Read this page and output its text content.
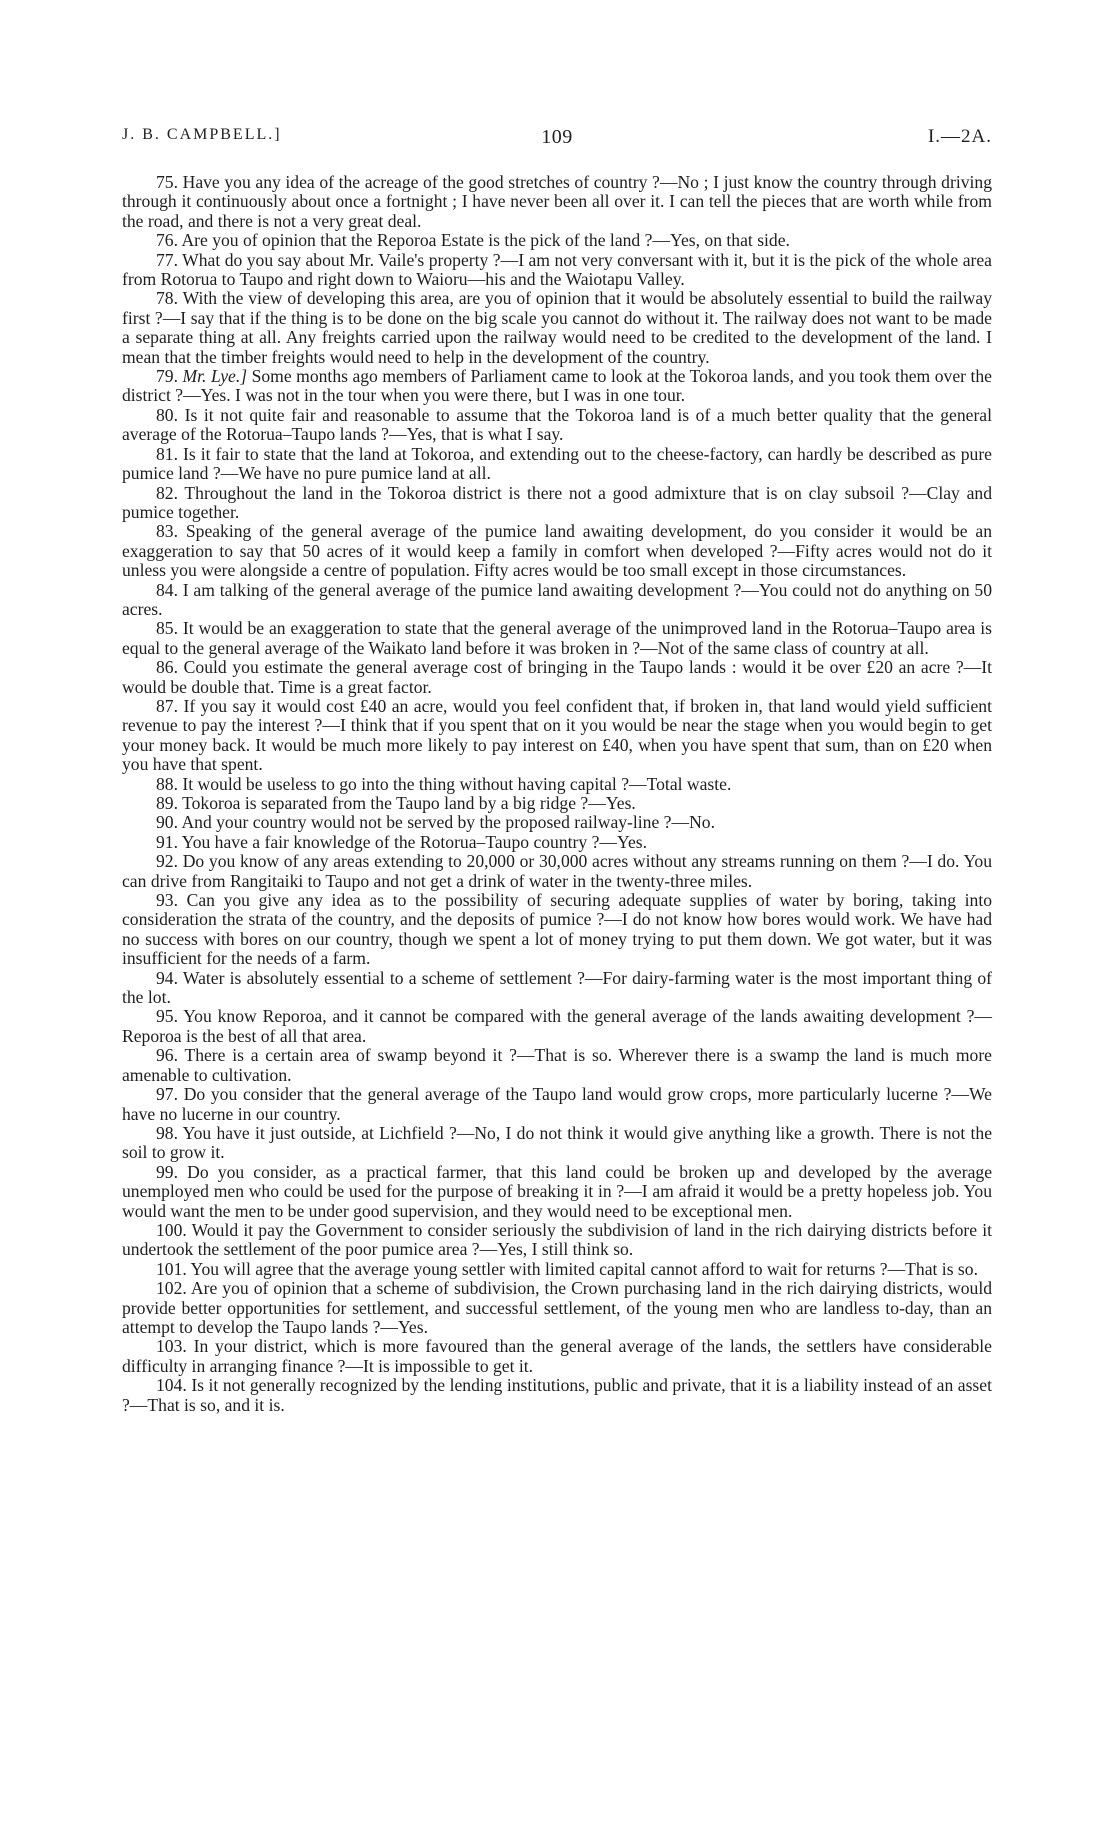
J. B. CAMPBELL.]	109	I.—2A.

75. Have you any idea of the acreage of the good stretches of country ?—No ; I just know the country through driving through it continuously about once a fortnight ; I have never been all over it. I can tell the pieces that are worth while from the road, and there is not a very great deal.

76. Are you of opinion that the Reporoa Estate is the pick of the land ?—Yes, on that side.

77. What do you say about Mr. Vaile's property ?—I am not very conversant with it, but it is the pick of the whole area from Rotorua to Taupo and right down to Waioru—his and the Waiotapu Valley.

78. With the view of developing this area, are you of opinion that it would be absolutely essential to build the railway first ?—I say that if the thing is to be done on the big scale you cannot do without it. The railway does not want to be made a separate thing at all. Any freights carried upon the railway would need to be credited to the development of the land. I mean that the timber freights would need to help in the development of the country.

79. Mr. Lye.] Some months ago members of Parliament came to look at the Tokoroa lands, and you took them over the district ?—Yes. I was not in the tour when you were there, but I was in one tour.

80. Is it not quite fair and reasonable to assume that the Tokoroa land is of a much better quality that the general average of the Rotorua–Taupo lands ?—Yes, that is what I say.

81. Is it fair to state that the land at Tokoroa, and extending out to the cheese-factory, can hardly be described as pure pumice land ?—We have no pure pumice land at all.

82. Throughout the land in the Tokoroa district is there not a good admixture that is on clay subsoil ?—Clay and pumice together.

83. Speaking of the general average of the pumice land awaiting development, do you consider it would be an exaggeration to say that 50 acres of it would keep a family in comfort when developed ?—Fifty acres would not do it unless you were alongside a centre of population. Fifty acres would be too small except in those circumstances.

84. I am talking of the general average of the pumice land awaiting development ?—You could not do anything on 50 acres.

85. It would be an exaggeration to state that the general average of the unimproved land in the Rotorua–Taupo area is equal to the general average of the Waikato land before it was broken in ?—Not of the same class of country at all.

86. Could you estimate the general average cost of bringing in the Taupo lands : would it be over £20 an acre ?—It would be double that. Time is a great factor.

87. If you say it would cost £40 an acre, would you feel confident that, if broken in, that land would yield sufficient revenue to pay the interest ?—I think that if you spent that on it you would be near the stage when you would begin to get your money back. It would be much more likely to pay interest on £40, when you have spent that sum, than on £20 when you have that spent.

88. It would be useless to go into the thing without having capital ?—Total waste.

89. Tokoroa is separated from the Taupo land by a big ridge ?—Yes.

90. And your country would not be served by the proposed railway-line ?—No.

91. You have a fair knowledge of the Rotorua–Taupo country ?—Yes.

92. Do you know of any areas extending to 20,000 or 30,000 acres without any streams running on them ?—I do. You can drive from Rangitaiki to Taupo and not get a drink of water in the twenty-three miles.

93. Can you give any idea as to the possibility of securing adequate supplies of water by boring, taking into consideration the strata of the country, and the deposits of pumice ?—I do not know how bores would work. We have had no success with bores on our country, though we spent a lot of money trying to put them down. We got water, but it was insufficient for the needs of a farm.

94. Water is absolutely essential to a scheme of settlement ?—For dairy-farming water is the most important thing of the lot.

95. You know Reporoa, and it cannot be compared with the general average of the lands awaiting development ?—Reporoa is the best of all that area.

96. There is a certain area of swamp beyond it ?—That is so. Wherever there is a swamp the land is much more amenable to cultivation.

97. Do you consider that the general average of the Taupo land would grow crops, more particularly lucerne ?—We have no lucerne in our country.

98. You have it just outside, at Lichfield ?—No, I do not think it would give anything like a growth. There is not the soil to grow it.

99. Do you consider, as a practical farmer, that this land could be broken up and developed by the average unemployed men who could be used for the purpose of breaking it in ?—I am afraid it would be a pretty hopeless job. You would want the men to be under good supervision, and they would need to be exceptional men.

100. Would it pay the Government to consider seriously the subdivision of land in the rich dairying districts before it undertook the settlement of the poor pumice area ?—Yes, I still think so.

101. You will agree that the average young settler with limited capital cannot afford to wait for returns ?—That is so.

102. Are you of opinion that a scheme of subdivision, the Crown purchasing land in the rich dairying districts, would provide better opportunities for settlement, and successful settlement, of the young men who are landless to-day, than an attempt to develop the Taupo lands ?—Yes.

103. In your district, which is more favoured than the general average of the lands, the settlers have considerable difficulty in arranging finance ?—It is impossible to get it.

104. Is it not generally recognized by the lending institutions, public and private, that it is a liability instead of an asset ?—That is so, and it is.
